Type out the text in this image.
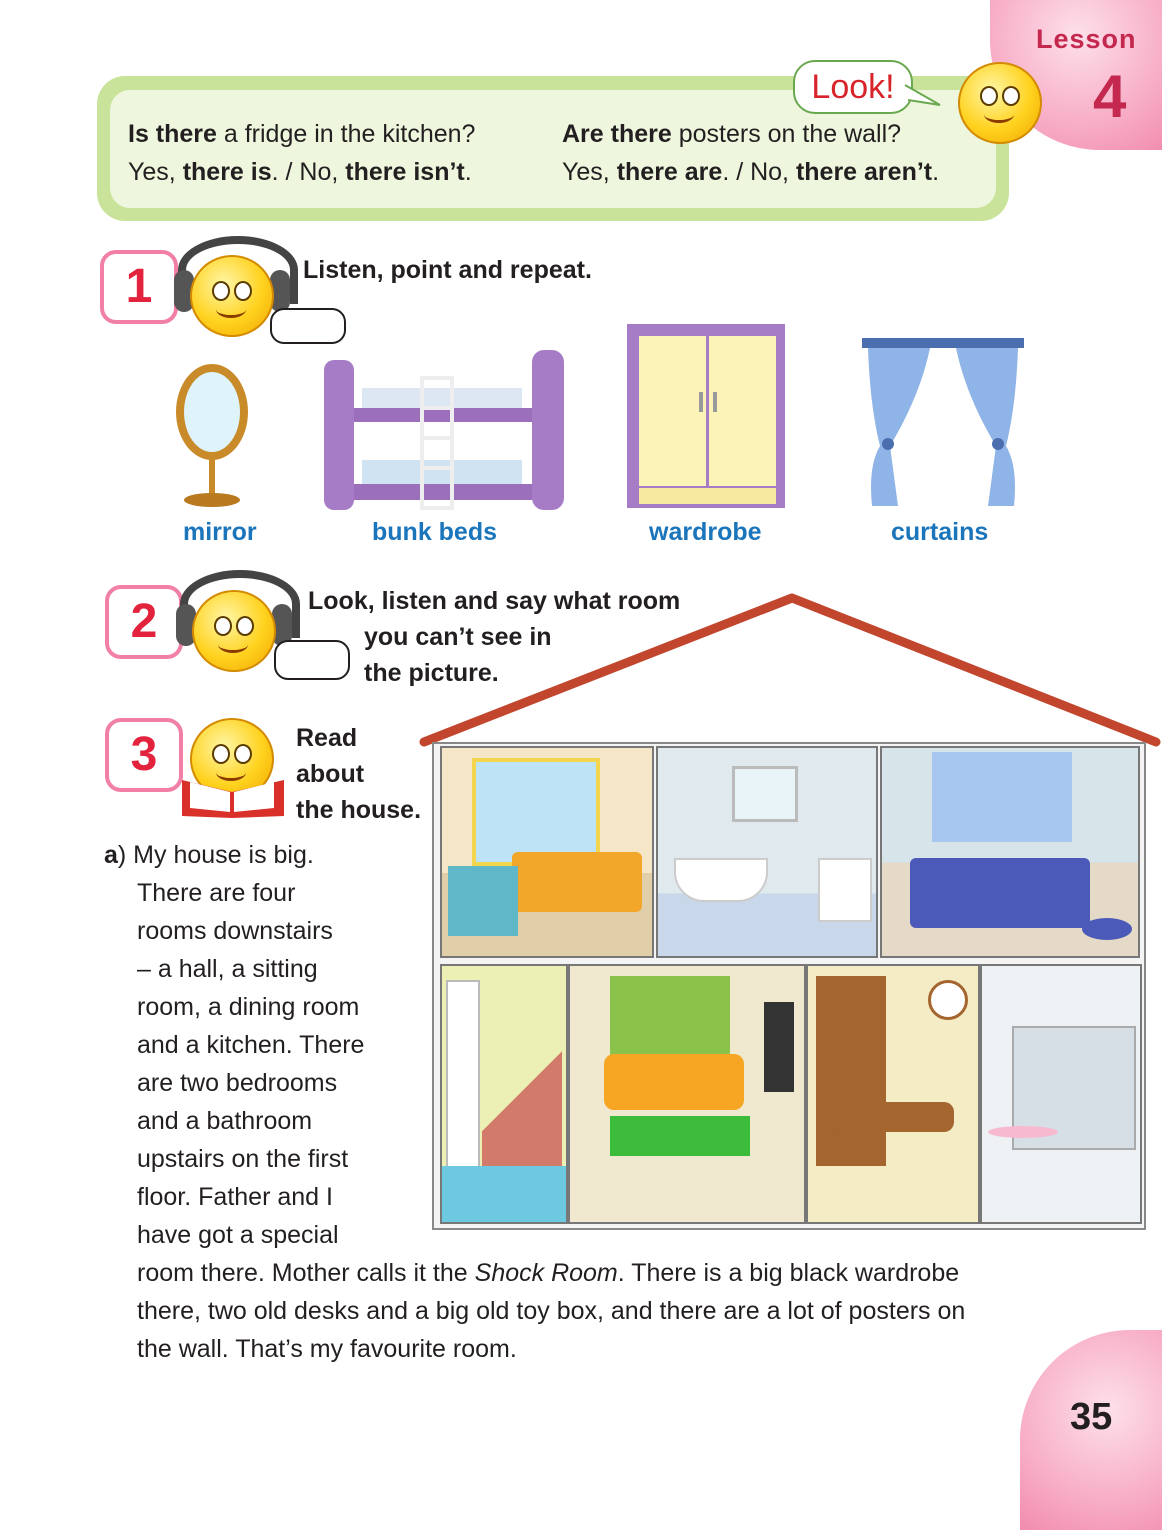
Lesson
4
Is there a fridge in the kitchen?
Yes, there is. / No, there isn’t.
Are there posters on the wall?
Yes, there are. / No, there aren’t.
Look!
1	Listen, point and repeat.
mirror	bunk beds	wardrobe	curtains
2	Look, listen and say what room
you can’t see in
the picture.
3	Read
about
the house.
a) My house is big.
There are four
rooms downstairs
– a hall, a sitting
room, a dining room
and a kitchen. There
are two bedrooms
and a bathroom
upstairs on the first
floor. Father and I
have got a special
room there. Mother calls it the Shock Room. There is a big black wardrobe
there, two old desks and a big old toy box, and there are a lot of posters on
the wall. That’s my favourite room.
35
